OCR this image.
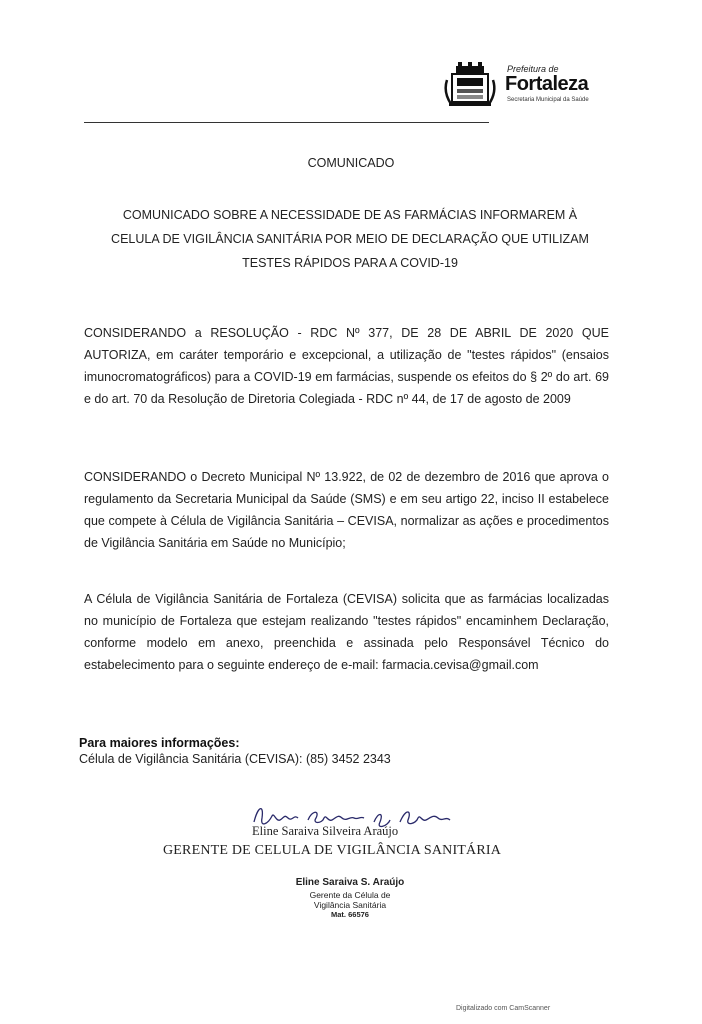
Prefeitura de
Fortaleza
Secretaria Municipal da Saúde
COMUNICADO
COMUNICADO SOBRE A NECESSIDADE DE AS FARMÁCIAS INFORMAREM À
CELULA DE VIGILÂNCIA SANITÁRIA POR MEIO DE DECLARAÇÃO QUE UTILIZAM
TESTES RÁPIDOS PARA A COVID-19
CONSIDERANDO a RESOLUÇÃO - RDC Nº 377, DE 28 DE ABRIL DE 2020 QUE AUTORIZA, em caráter temporário e excepcional, a utilização de "testes rápidos" (ensaios imunocromatográficos) para a COVID-19 em farmácias, suspende os efeitos do § 2º do art. 69 e do art. 70 da Resolução de Diretoria Colegiada - RDC nº 44, de 17 de agosto de 2009
CONSIDERANDO o Decreto Municipal Nº 13.922, de 02 de dezembro de 2016 que aprova o regulamento da Secretaria Municipal da Saúde (SMS) e em seu artigo 22, inciso II estabelece que compete à Célula de Vigilância Sanitária – CEVISA, normalizar as ações e procedimentos de Vigilância Sanitária em Saúde no Município;
A Célula de Vigilância Sanitária de Fortaleza (CEVISA) solicita que as farmácias localizadas no município de Fortaleza que estejam realizando "testes rápidos" encaminhem Declaração, conforme modelo em anexo, preenchida e assinada pelo Responsável Técnico do estabelecimento para o seguinte endereço de e-mail: farmacia.cevisa@gmail.com
Para maiores informações:
Célula de Vigilância Sanitária (CEVISA): (85) 3452 2343
Eline Saraiva Silveira Araújo
GERENTE DE CELULA DE VIGILÂNCIA SANITÁRIA
Eline Saraiva S. Araújo
Gerente da Célula de
Vigilância Sanitária
Mat. 66576
Digitalizado com CamScanner
